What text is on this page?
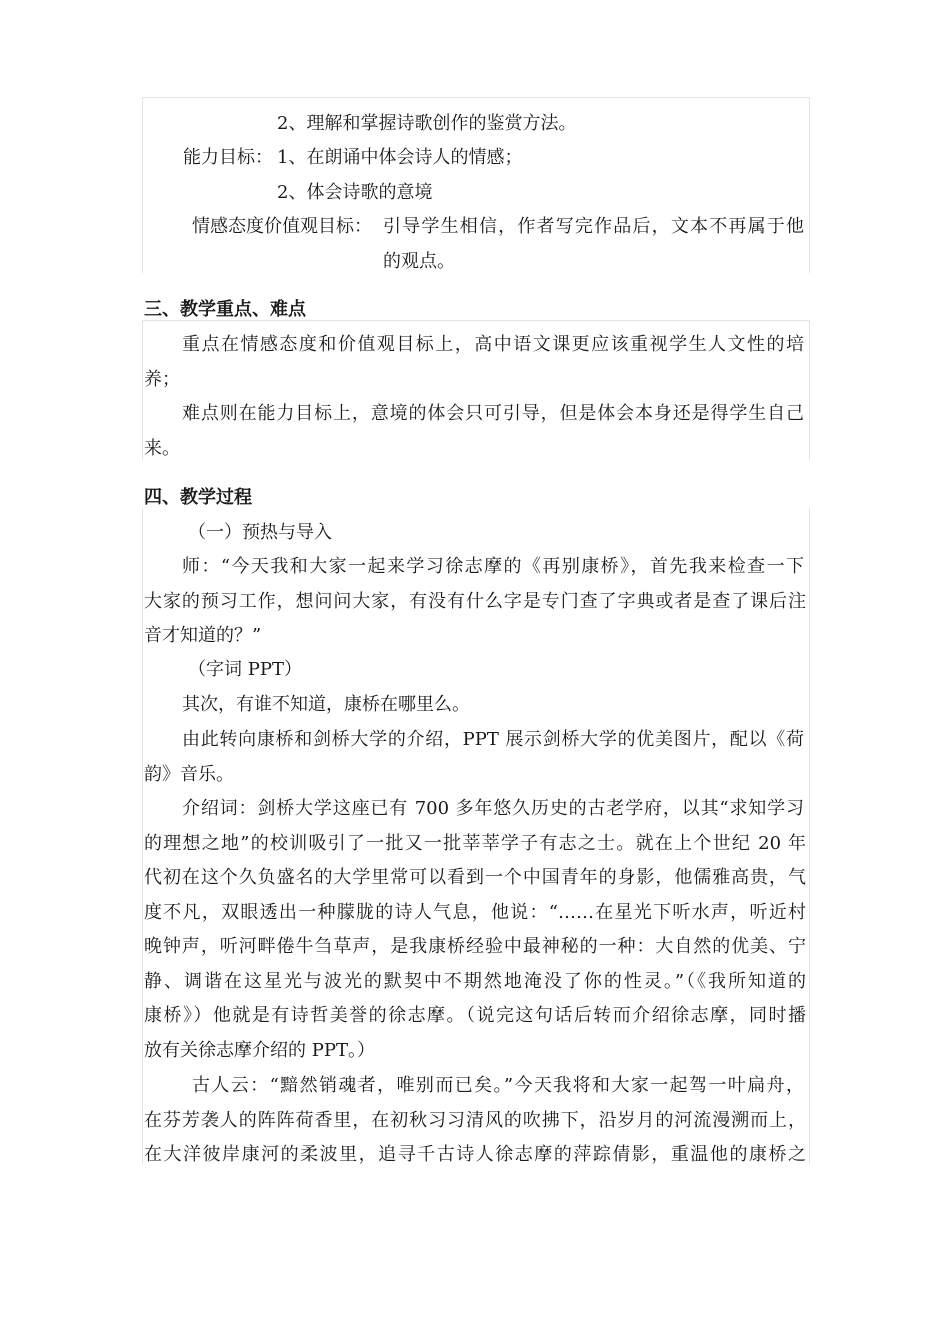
2、理解和掌握诗歌创作的鉴赏方法。
能力目标： 1、在朗诵中体会诗人的情感；
2、体会诗歌的意境
情感态度价值观目标： 引导学生相信，作者写完作品后，文本不再属于他
的观点。
三、教学重点、难点
重点在情感态度和价值观目标上，高中语文课更应该重视学生人文性的培
养；
难点则在能力目标上，意境的体会只可引导，但是体会本身还是得学生自己
来。
四、教学过程
（一）预热与导入
师：“今天我和大家一起来学习徐志摩的《再别康桥》，首先我来检查一下
大家的预习工作，想问问大家，有没有什么字是专门查了字典或者是查了课后注
音才知道的？”
（字词 PPT）
其次，有谁不知道，康桥在哪里么。
由此转向康桥和剑桥大学的介绍，PPT 展示剑桥大学的优美图片，配以《荷
韵》音乐。
介绍词：剑桥大学这座已有 700 多年悠久历史的古老学府，以其“求知学习
的理想之地”的校训吸引了一批又一批莘莘学子有志之士。就在上个世纪 20 年
代初在这个久负盛名的大学里常可以看到一个中国青年的身影，他儒雅高贵，气
度不凡，双眼透出一种朦胧的诗人气息，他说：“……在星光下听水声，听近村
晚钟声，听河畔倦牛刍草声，是我康桥经验中最神秘的一种：大自然的优美、宁
静、调谐在这星光与波光的默契中不期然地淹没了你的性灵。”（《我所知道的
康桥》）他就是有诗哲美誉的徐志摩。（说完这句话后转而介绍徐志摩，同时播
放有关徐志摩介绍的 PPT。）
古人云：“黯然销魂者，唯别而已矣。”今天我将和大家一起驾一叶扁舟，
在芬芳袭人的阵阵荷香里，在初秋习习清风的吹拂下，沿岁月的河流漫溯而上，
在大洋彼岸康河的柔波里，追寻千古诗人徐志摩的萍踪倩影，重温他的康桥之
